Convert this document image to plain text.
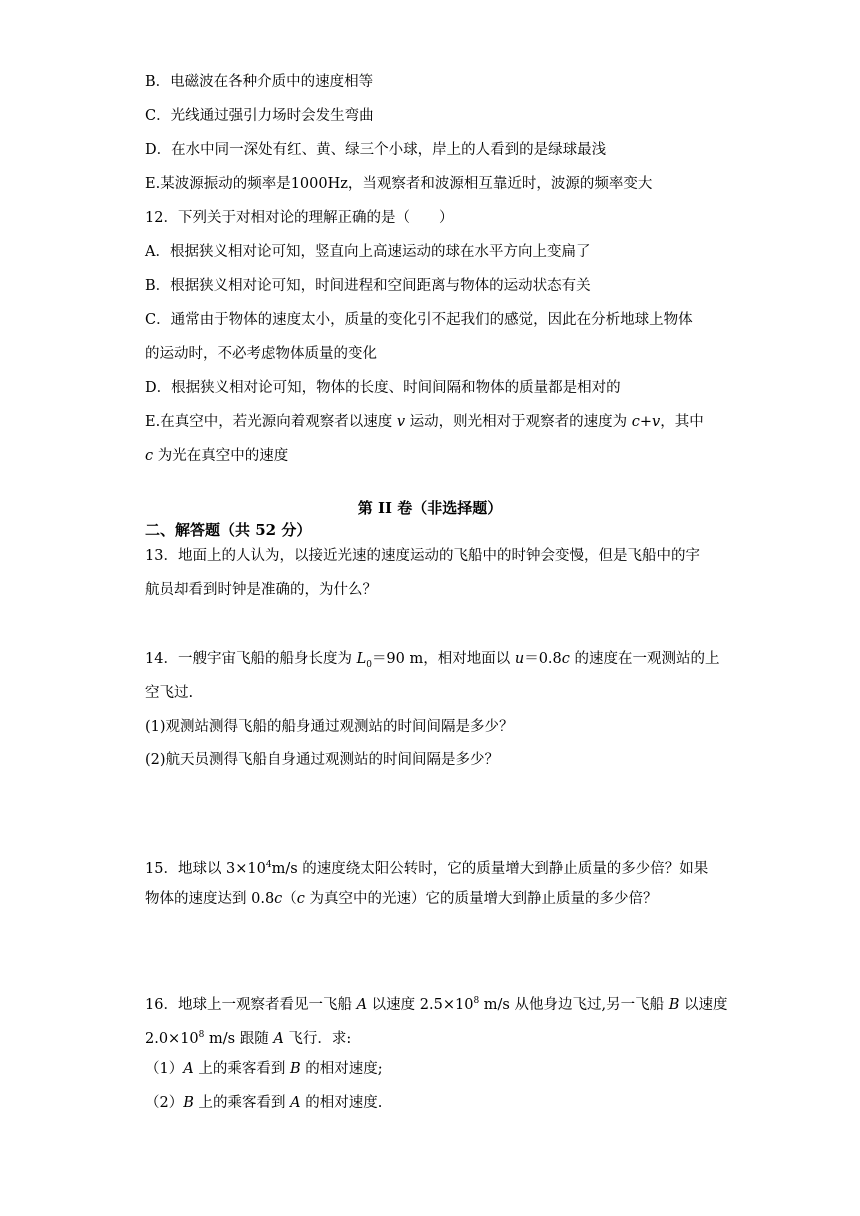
B．电磁波在各种介质中的速度相等
C．光线通过强引力场时会发生弯曲
D．在水中同一深处有红、黄、绿三个小球，岸上的人看到的是绿球最浅
E.某波源振动的频率是1000Hz，当观察者和波源相互靠近时，波源的频率变大
12．下列关于对相对论的理解正确的是（　　）
A．根据狭义相对论可知，竖直向上高速运动的球在水平方向上变扁了
B．根据狭义相对论可知，时间进程和空间距离与物体的运动状态有关
C．通常由于物体的速度太小，质量的变化引不起我们的感觉，因此在分析地球上物体
的运动时，不必考虑物体质量的变化
D．根据狭义相对论可知，物体的长度、时间间隔和物体的质量都是相对的
E.在真空中，若光源向着观察者以速度 v 运动，则光相对于观察者的速度为 c+v，其中
c 为光在真空中的速度
第 II 卷（非选择题）
二、解答题（共 52 分）
13．地面上的人认为，以接近光速的速度运动的飞船中的时钟会变慢，但是飞船中的宇
航员却看到时钟是准确的，为什么？
14．一艘宇宙飞船的船身长度为 $L_0=90$ m，相对地面以 u＝0.8c 的速度在一观测站的上
空飞过.
(1)观测站测得飞船的船身通过观测站的时间间隔是多少？
(2)航天员测得飞船自身通过观测站的时间间隔是多少？
15．地球以 $3\times 10^4m/s$ 的速度绕太阳公转时，它的质量增大到静止质量的多少倍？如果
物体的速度达到 0.8c（c 为真空中的光速）它的质量增大到静止质量的多少倍？
16．地球上一观察者看见一飞船 A 以速度 $2.5\times 10^8$ m/s 从他身边飞过,另一飞船 B 以速度
$2.0\times 10^8$ m/s 跟随 A 飞行．求:
（1）A 上的乘客看到 B 的相对速度;
（2）B 上的乘客看到 A 的相对速度.
